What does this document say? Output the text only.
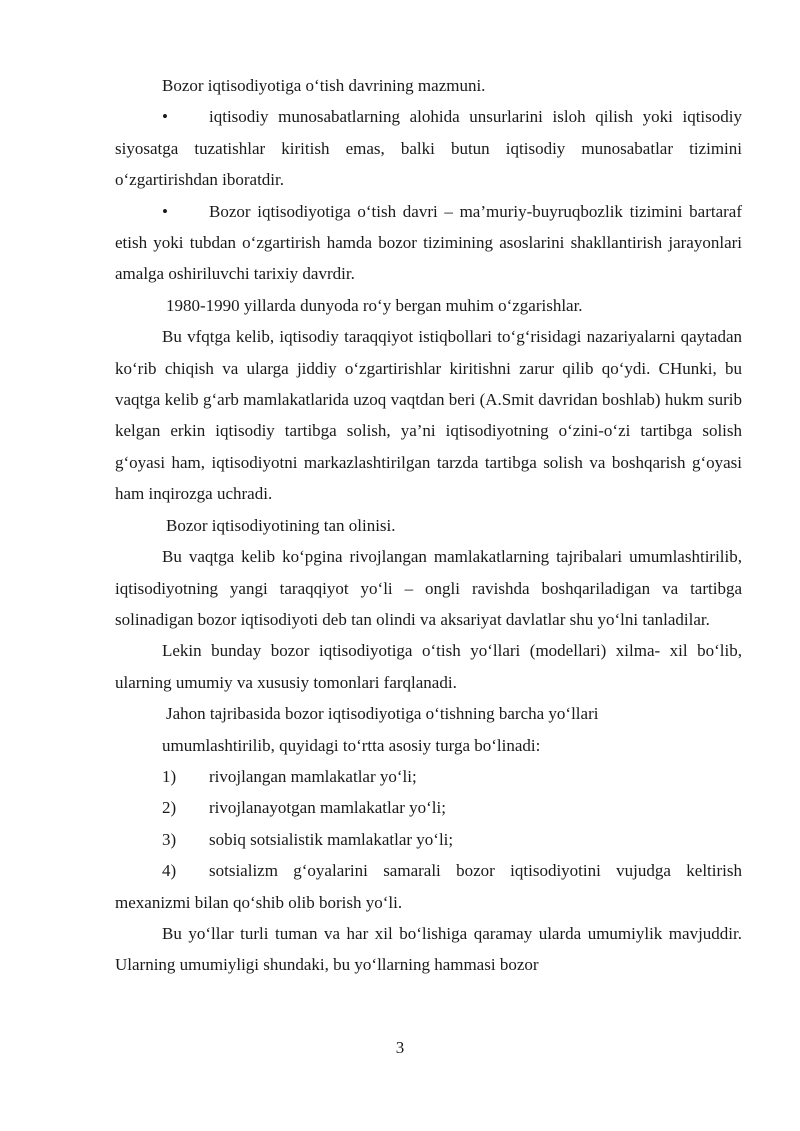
Bozor iqtisodiyotiga oʻtish davrining mazmuni.

• iqtisodiy munosabatlarning alohida unsurlarini isloh qilish yoki iqtisodiy siyosatga tuzatishlar kiritish emas, balki butun iqtisodiy munosabatlar tizimini oʻzgartirishdan iboratdir.

• Bozor iqtisodiyotiga oʻtish davri – ma’muriy-buyruqbozlik tizimini bartaraf etish yoki tubdan oʻzgartirish hamda bozor tizimining asoslarini shakllantirish jarayonlari amalga oshiriluvchi tarixiy davrdir.

1980-1990 yillarda dunyoda roʻy bergan muhim oʻzgarishlar.

Bu vfqtga kelib, iqtisodiy taraqqiyot istiqbollari toʻgʻrisidagi nazariyalarni qaytadan koʻrib chiqish va ularga jiddiy oʻzgartirishlar kiritishni zarur qilib qoʻydi. CHunki, bu vaqtga kelib gʻarb mamlakatlarida uzoq vaqtdan beri (A.Smit davridan boshlab) hukm surib kelgan erkin iqtisodiy tartibga solish, ya’ni iqtisodiyotning oʻzini-oʻzi tartibga solish gʻoyasi ham, iqtisodiyotni markazlashtirilgan tarzda tartibga solish va boshqarish gʻoyasi ham inqirozga uchradi.

Bozor iqtisodiyotining tan olinisi.

Bu vaqtga kelib koʻpgina rivojlangan mamlakatlarning tajribalari umumlashtirilib, iqtisodiyotning yangi taraqqiyot yoʻli – ongli ravishda boshqariladigan va tartibga solinadigan bozor iqtisodiyoti deb tan olindi va aksariyat davlatlar shu yoʻlni tanladilar.

Lekin bunday bozor iqtisodiyotiga oʻtish yoʻllari (modellari) xilma- xil boʻlib, ularning umumiy va xususiy tomonlari farqlanadi.

Jahon tajribasida bozor iqtisodiyotiga oʻtishning barcha yoʻllari

umumlashtirilib, quyidagi toʻrtta asosiy turga boʻlinadi:

1) rivojlangan mamlakatlar yoʻli;

2) rivojlanayotgan mamlakatlar yoʻli;

3) sobiq sotsialistik mamlakatlar yoʻli;

4) sotsializm gʻoyalarini samarali bozor iqtisodiyotini vujudga keltirish mexanizmi bilan qoʻshib olib borish yoʻli.

Bu yoʻllar turli tuman va har xil boʻlishiga qaramay ularda umumiylik mavjuddir. Ularning umumiyligi shundaki, bu yoʻllarning hammasi bozor

3
